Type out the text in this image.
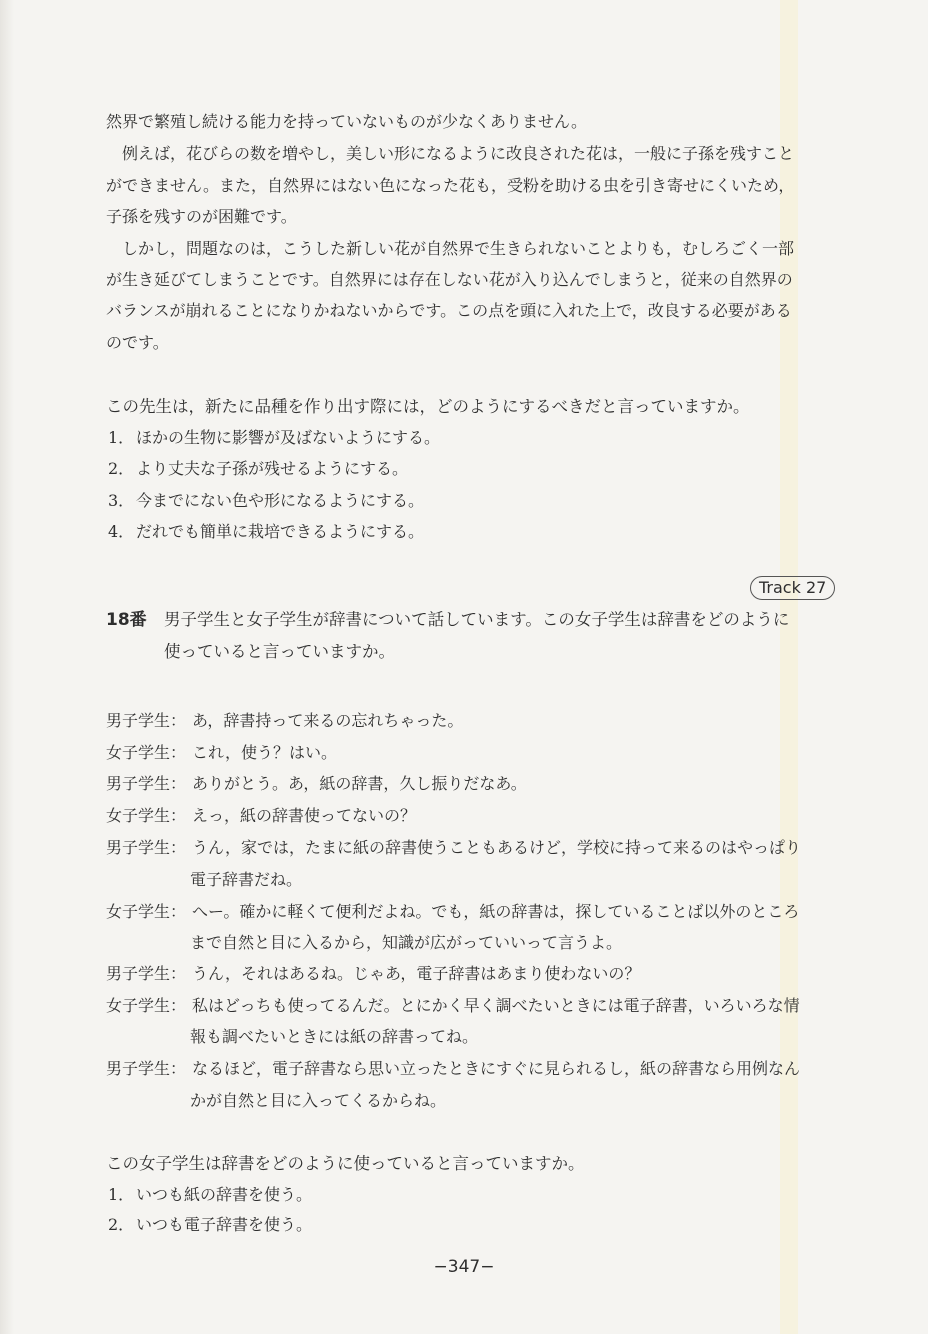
然界で繁殖し続ける能力を持っていないものが少なくありません。
例えば，花びらの数を増やし，美しい形になるように改良された花は，一般に子孫を残すこと
ができません。また，自然界にはない色になった花も，受粉を助ける虫を引き寄せにくいため，
子孫を残すのが困難です。
しかし，問題なのは，こうした新しい花が自然界で生きられないことよりも，むしろごく一部
が生き延びてしまうことです。自然界には存在しない花が入り込んでしまうと，従来の自然界の
バランスが崩れることになりかねないからです。この点を頭に入れた上で，改良する必要がある
のです。
この先生は，新たに品種を作り出す際には，どのようにするべきだと言っていますか。
1． ほかの生物に影響が及ばないようにする。
2． より丈夫な子孫が残せるようにする。
3． 今までにない色や形になるようにする。
4． だれでも簡単に栽培できるようにする。
Track 27
18番 男子学生と女子学生が辞書について話しています。この女子学生は辞書をどのように
使っていると言っていますか。
男子学生： あ，辞書持って来るの忘れちゃった。
女子学生： これ，使う？はい。
男子学生： ありがとう。あ，紙の辞書，久し振りだなあ。
女子学生： えっ，紙の辞書使ってないの？
男子学生： うん，家では，たまに紙の辞書使うこともあるけど，学校に持って来るのはやっぱり
電子辞書だね。
女子学生： へー。確かに軽くて便利だよね。でも，紙の辞書は，探していることば以外のところ
まで自然と目に入るから，知識が広がっていいって言うよ。
男子学生： うん，それはあるね。じゃあ，電子辞書はあまり使わないの？
女子学生： 私はどっちも使ってるんだ。とにかく早く調べたいときには電子辞書，いろいろな情
報も調べたいときには紙の辞書ってね。
男子学生： なるほど，電子辞書なら思い立ったときにすぐに見られるし，紙の辞書なら用例なん
かが自然と目に入ってくるからね。
この女子学生は辞書をどのように使っていると言っていますか。
1． いつも紙の辞書を使う。
2． いつも電子辞書を使う。
−347−
